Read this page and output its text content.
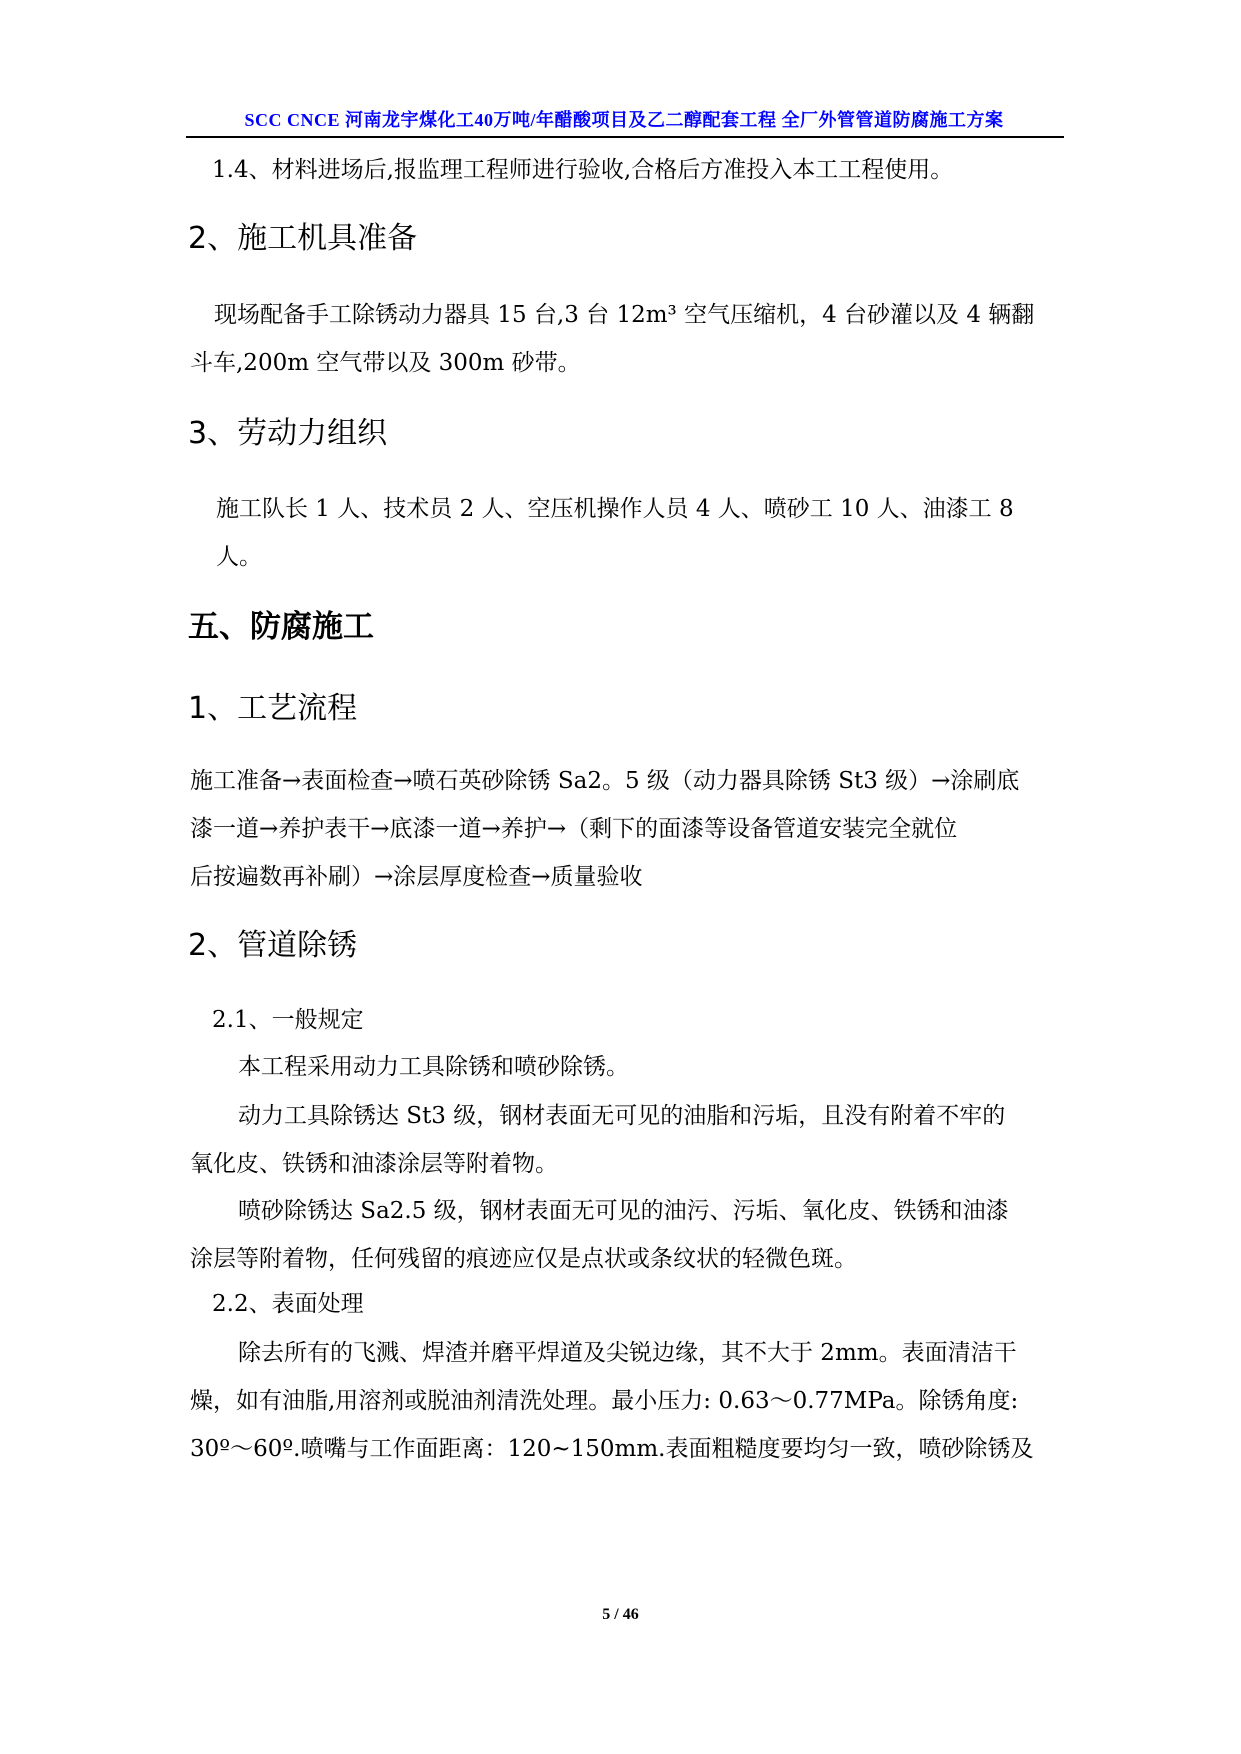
SCC CNCE 河南龙宇煤化工40万吨/年醋酸项目及乙二醇配套工程 全厂外管管道防腐施工方案

1.4、材料进场后,报监理工程师进行验收,合格后方准投入本工工程使用。

2、施工机具准备

现场配备手工除锈动力器具 15 台,3 台 12m³ 空气压缩机，4 台砂灌以及 4 辆翻
斗车,200m 空气带以及 300m 砂带。

3、劳动力组织

施工队长 1 人、技术员 2 人、空压机操作人员 4 人、喷砂工 10 人、油漆工 8
人。

五、防腐施工
1、工艺流程

施工准备→表面检查→喷石英砂除锈 Sa2。5 级（动力器具除锈 St3 级）→涂刷底
漆一道→养护表干→底漆一道→养护→（剩下的面漆等设备管道安装完全就位
后按遍数再补刷）→涂层厚度检查→质量验收

2、管道除锈

2.1、一般规定

本工程采用动力工具除锈和喷砂除锈。

动力工具除锈达 St3 级，钢材表面无可见的油脂和污垢，且没有附着不牢的
氧化皮、铁锈和油漆涂层等附着物。

喷砂除锈达 Sa2.5 级，钢材表面无可见的油污、污垢、氧化皮、铁锈和油漆
涂层等附着物，任何残留的痕迹应仅是点状或条纹状的轻微色斑。

2.2、表面处理

除去所有的飞溅、焊渣并磨平焊道及尖锐边缘，其不大于 2mm。表面清洁干
燥，如有油脂,用溶剂或脱油剂清洗处理。最小压力: 0.63～0.77MPa。除锈角度:
30º～60º.喷嘴与工作面距离：120~150mm.表面粗糙度要均匀一致，喷砂除锈及

5 / 46
